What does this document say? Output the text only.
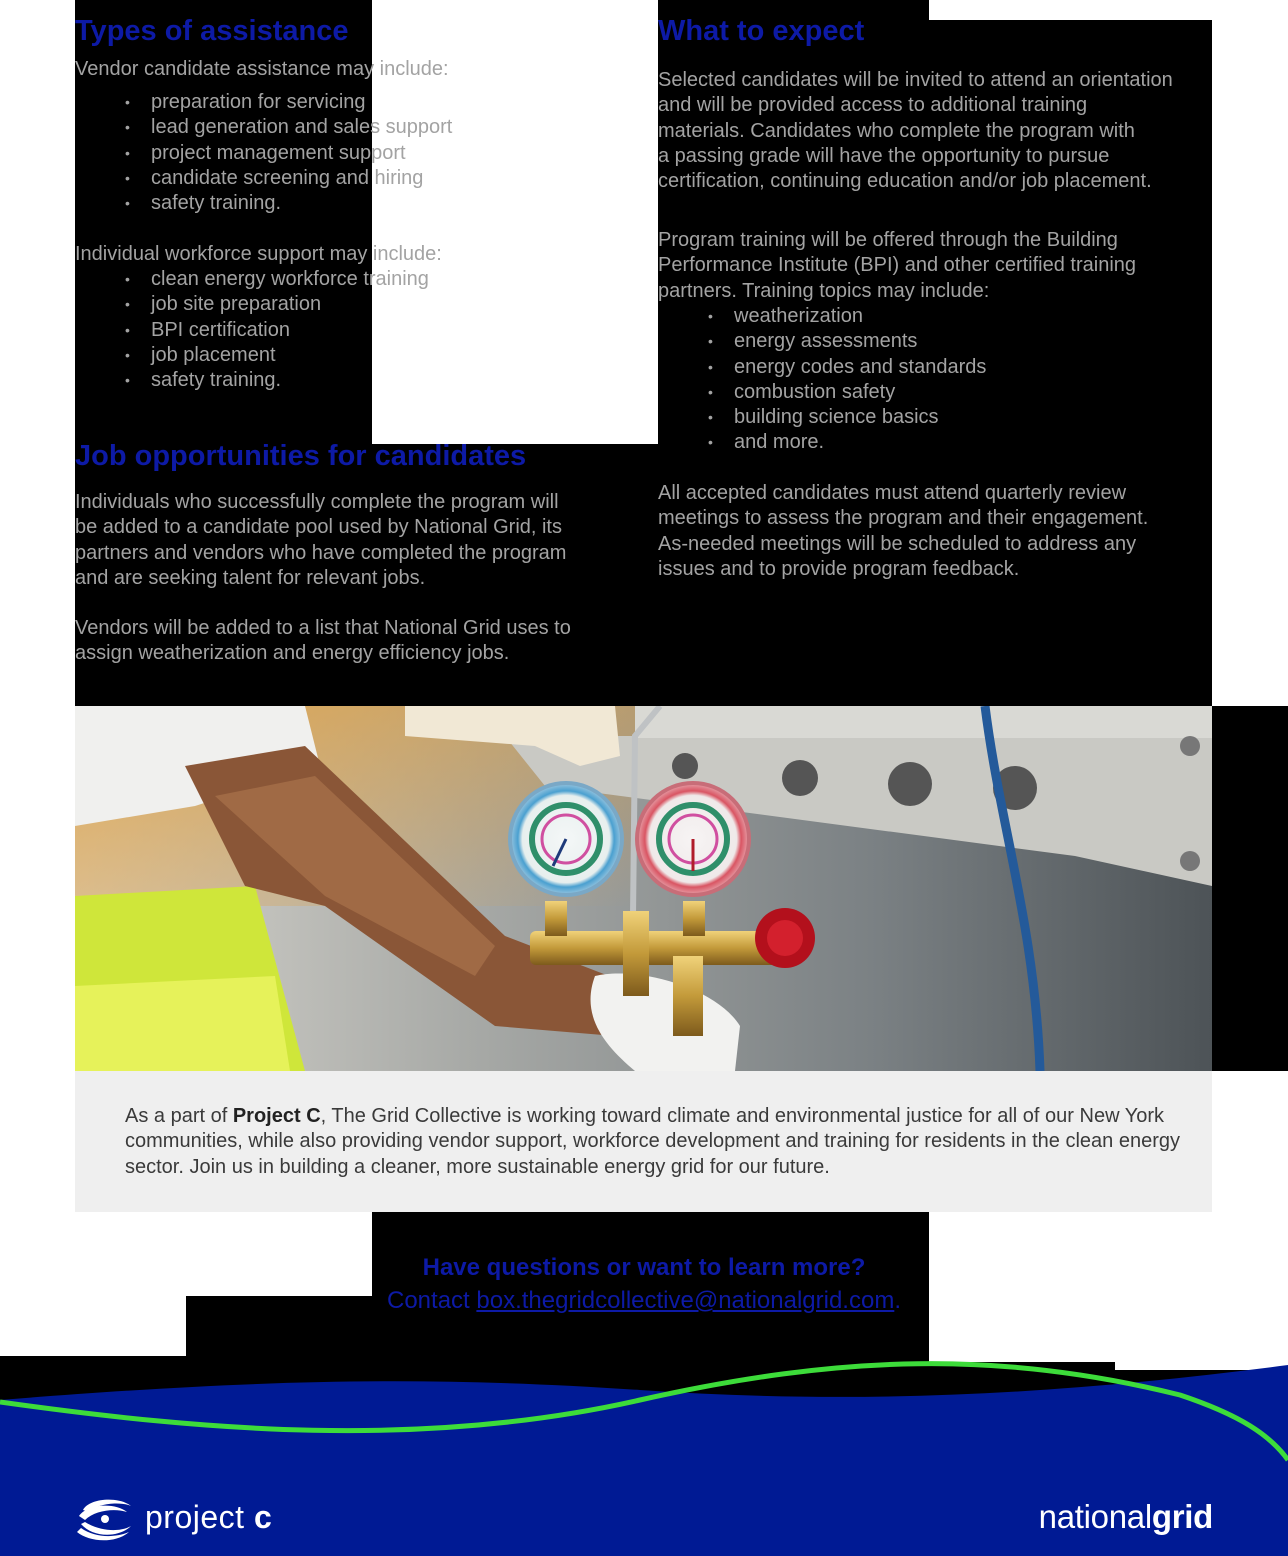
Types of assistance
Vendor candidate assistance may include:
• preparation for servicing
• lead generation and sales support
• project management support
• candidate screening and hiring
• safety training.
Individual workforce support may include:
• clean energy workforce training
• job site preparation
• BPI certification
• job placement
• safety training.
Job opportunities for candidates
Individuals who successfully complete the program will
be added to a candidate pool used by National Grid, its
partners and vendors who have completed the program
and are seeking talent for relevant jobs.
Vendors will be added to a list that National Grid uses to
assign weatherization and energy efficiency jobs.
What to expect
Selected candidates will be invited to attend an orientation
and will be provided access to additional training
materials. Candidates who complete the program with
a passing grade will have the opportunity to pursue
certification, continuing education and/or job placement.
Program training will be offered through the Building
Performance Institute (BPI) and other certified training
partners. Training topics may include:
• weatherization
• energy assessments
• energy codes and standards
• combustion safety
• building science basics
• and more.
All accepted candidates must attend quarterly review
meetings to assess the program and their engagement.
As-needed meetings will be scheduled to address any
issues and to provide program feedback.

As a part of Project C, The Grid Collective is working toward climate and environmental justice for all of our New York communities, while also providing vendor support, workforce development and training for residents in the clean energy sector. Join us in building a cleaner, more sustainable energy grid for our future.

Have questions or want to learn more?
Contact box.thegridcollective@nationalgrid.com.
project c	nationalgrid
